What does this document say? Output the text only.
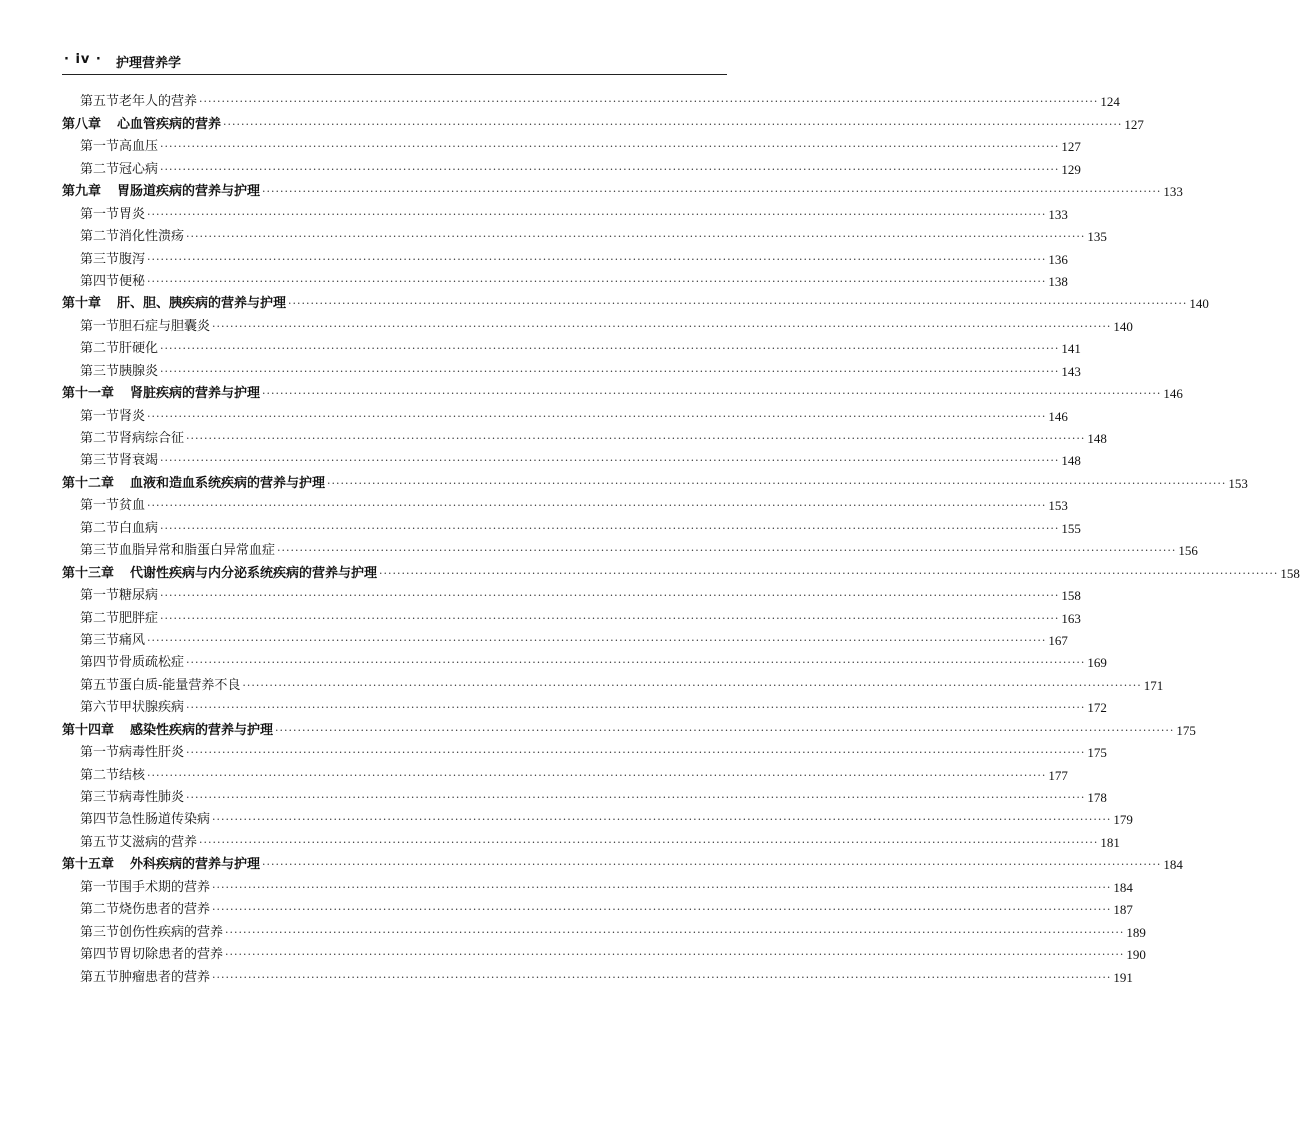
· iv · 护理营养学
第五节 老年人的营养 ········································································································································································································ 124
第八章 心血管疾病的营养 ········································································································································································································ 127
第一节 高血压 ········································································································································································································ 127
第二节 冠心病 ········································································································································································································ 129
第九章 胃肠道疾病的营养与护理 ········································································································································································································ 133
第一节 胃炎 ········································································································································································································ 133
第二节 消化性溃疡 ········································································································································································································ 135
第三节 腹泻 ········································································································································································································ 136
第四节 便秘 ········································································································································································································ 138
第十章 肝、胆、胰疾病的营养与护理 ········································································································································································································ 140
第一节 胆石症与胆囊炎 ········································································································································································································ 140
第二节 肝硬化 ········································································································································································································ 141
第三节 胰腺炎 ········································································································································································································ 143
第十一章 肾脏疾病的营养与护理 ········································································································································································································ 146
第一节 肾炎 ········································································································································································································ 146
第二节 肾病综合征 ········································································································································································································ 148
第三节 肾衰竭 ········································································································································································································ 148
第十二章 血液和造血系统疾病的营养与护理 ········································································································································································································ 153
第一节 贫血 ········································································································································································································ 153
第二节 白血病 ········································································································································································································ 155
第三节 血脂异常和脂蛋白异常血症 ········································································································································································································ 156
第十三章 代谢性疾病与内分泌系统疾病的营养与护理 ········································································································································································································ 158
第一节 糖尿病 ········································································································································································································ 158
第二节 肥胖症 ········································································································································································································ 163
第三节 痛风 ········································································································································································································ 167
第四节 骨质疏松症 ········································································································································································································ 169
第五节 蛋白质-能量营养不良 ········································································································································································································ 171
第六节 甲状腺疾病 ········································································································································································································ 172
第十四章 感染性疾病的营养与护理 ········································································································································································································ 175
第一节 病毒性肝炎 ········································································································································································································ 175
第二节 结核 ········································································································································································································ 177
第三节 病毒性肺炎 ········································································································································································································ 178
第四节 急性肠道传染病 ········································································································································································································ 179
第五节 艾滋病的营养 ········································································································································································································ 181
第十五章 外科疾病的营养与护理 ········································································································································································································ 184
第一节 围手术期的营养 ········································································································································································································ 184
第二节 烧伤患者的营养 ········································································································································································································ 187
第三节 创伤性疾病的营养 ········································································································································································································ 189
第四节 胃切除患者的营养 ········································································································································································································ 190
第五节 肿瘤患者的营养 ········································································································································································································ 191
